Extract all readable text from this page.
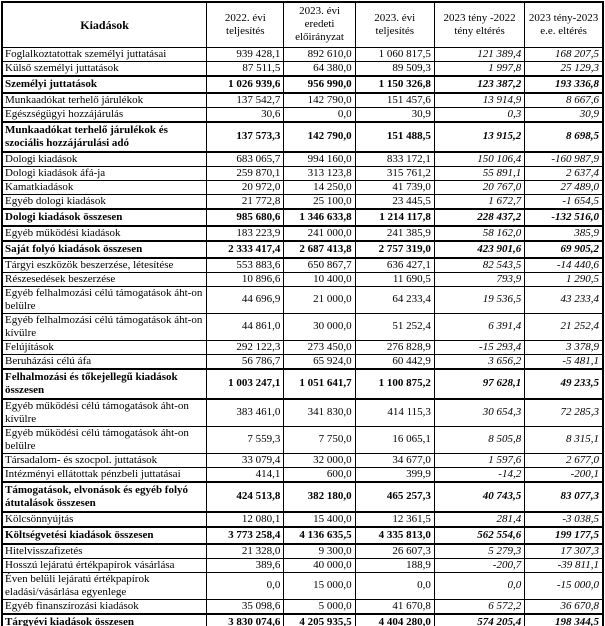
Kiadások	2022. évi teljesítés	2023. évi eredeti előirányzat	2023. évi teljesítés	2023 tény -2022 tény eltérés	2023 tény-2023 e.e. eltérés
Foglalkoztatottak személyi juttatásai	939 428,1	892 610,0	1 060 817,5	121 389,4	168 207,5
Külső személyi juttatások	87 511,5	64 380,0	89 509,3	1 997,8	25 129,3
Személyi juttatások	1 026 939,6	956 990,0	1 150 326,8	123 387,2	193 336,8
Munkaadókat terhelő járulékok	137 542,7	142 790,0	151 457,6	13 914,9	8 667,6
Egészségügyi hozzájárulás	30,6	0,0	30,9	0,3	30,9
Munkaadókat terhelő járulékok és szociális hozzájárulási adó	137 573,3	142 790,0	151 488,5	13 915,2	8 698,5
Dologi kiadások	683 065,7	994 160,0	833 172,1	150 106,4	-160 987,9
Dologi kiadások áfá-ja	259 870,1	313 123,8	315 761,2	55 891,1	2 637,4
Kamatkiadások	20 972,0	14 250,0	41 739,0	20 767,0	27 489,0
Egyéb dologi kiadások	21 772,8	25 100,0	23 445,5	1 672,7	-1 654,5
Dologi kiadások összesen	985 680,6	1 346 633,8	1 214 117,8	228 437,2	-132 516,0
Egyéb működési kiadások	183 223,9	241 000,0	241 385,9	58 162,0	385,9
Saját folyó kiadások összesen	2 333 417,4	2 687 413,8	2 757 319,0	423 901,6	69 905,2
Tárgyi eszközök beszerzése, létesítése	553 883,6	650 867,7	636 427,1	82 543,5	-14 440,6
Részesedések beszerzése	10 896,6	10 400,0	11 690,5	793,9	1 290,5
Egyéb felhalmozási célú támogatások áht-on belülre	44 696,9	21 000,0	64 233,4	19 536,5	43 233,4
Egyéb felhalmozási célú támogatások áht-on kívülre	44 861,0	30 000,0	51 252,4	6 391,4	21 252,4
Felújítások	292 122,3	273 450,0	276 828,9	-15 293,4	3 378,9
Beruházási célú áfa	56 786,7	65 924,0	60 442,9	3 656,2	-5 481,1
Felhalmozási és tőkejellegű kiadások összesen	1 003 247,1	1 051 641,7	1 100 875,2	97 628,1	49 233,5
Egyéb működési célú támogatások áht-on kívülre	383 461,0	341 830,0	414 115,3	30 654,3	72 285,3
Egyéb működési célú támogatások áht-on belülre	7 559,3	7 750,0	16 065,1	8 505,8	8 315,1
Társadalom- és szocpol. juttatások	33 079,4	32 000,0	34 677,0	1 597,6	2 677,0
Intézményi ellátottak pénzbeli juttatásai	414,1	600,0	399,9	-14,2	-200,1
Támogatások, elvonások és egyéb folyó átutalások összesen	424 513,8	382 180,0	465 257,3	40 743,5	83 077,3
Kölcsönnyújtás	12 080,1	15 400,0	12 361,5	281,4	-3 038,5
Költségvetési kiadások összesen	3 773 258,4	4 136 635,5	4 335 813,0	562 554,6	199 177,5
Hitelvisszafizetés	21 328,0	9 300,0	26 607,3	5 279,3	17 307,3
Hosszú lejáratú értékpapírok vásárlása	389,6	40 000,0	188,9	-200,7	-39 811,1
Éven belüli lejáratú értékpapírok eladási/vásárlása egyenlege	0,0	15 000,0	0,0	0,0	-15 000,0
Egyéb finanszírozási kiadások	35 098,6	5 000,0	41 670,8	6 572,2	36 670,8
Tárgyévi kiadások összesen	3 830 074,6	4 205 935,5	4 404 280,0	574 205,4	198 344,5
